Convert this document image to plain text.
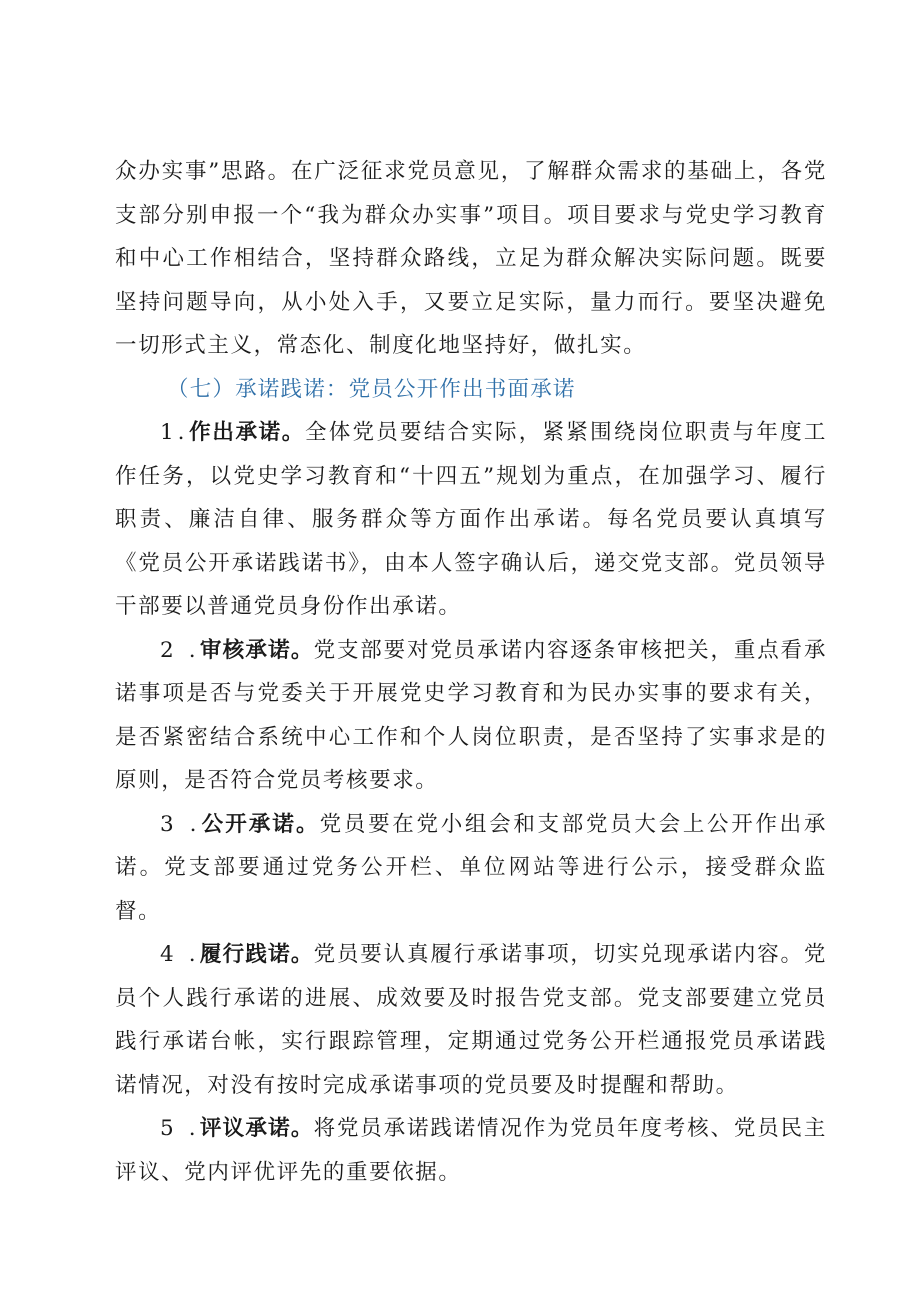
众办实事”思路。在广泛征求党员意见，了解群众需求的基础上，各党支部分别申报一个“我为群众办实事”项目。项目要求与党史学习教育和中心工作相结合，坚持群众路线，立足为群众解决实际问题。既要坚持问题导向，从小处入手，又要立足实际，量力而行。要坚决避免一切形式主义，常态化、制度化地坚持好，做扎实。

（七）承诺践诺：党员公开作出书面承诺

1.作出承诺。全体党员要结合实际，紧紧围绕岗位职责与年度工作任务，以党史学习教育和“十四五”规划为重点，在加强学习、履行职责、廉洁自律、服务群众等方面作出承诺。每名党员要认真填写《党员公开承诺践诺书》，由本人签字确认后，递交党支部。党员领导干部要以普通党员身份作出承诺。

2 .审核承诺。党支部要对党员承诺内容逐条审核把关，重点看承诺事项是否与党委关于开展党史学习教育和为民办实事的要求有关，是否紧密结合系统中心工作和个人岗位职责，是否坚持了实事求是的原则，是否符合党员考核要求。

3 .公开承诺。党员要在党小组会和支部党员大会上公开作出承诺。党支部要通过党务公开栏、单位网站等进行公示，接受群众监督。

4 .履行践诺。党员要认真履行承诺事项，切实兑现承诺内容。党员个人践行承诺的进展、成效要及时报告党支部。党支部要建立党员践行承诺台帐，实行跟踪管理，定期通过党务公开栏通报党员承诺践诺情况，对没有按时完成承诺事项的党员要及时提醒和帮助。

5 .评议承诺。将党员承诺践诺情况作为党员年度考核、党员民主评议、党内评优评先的重要依据。
